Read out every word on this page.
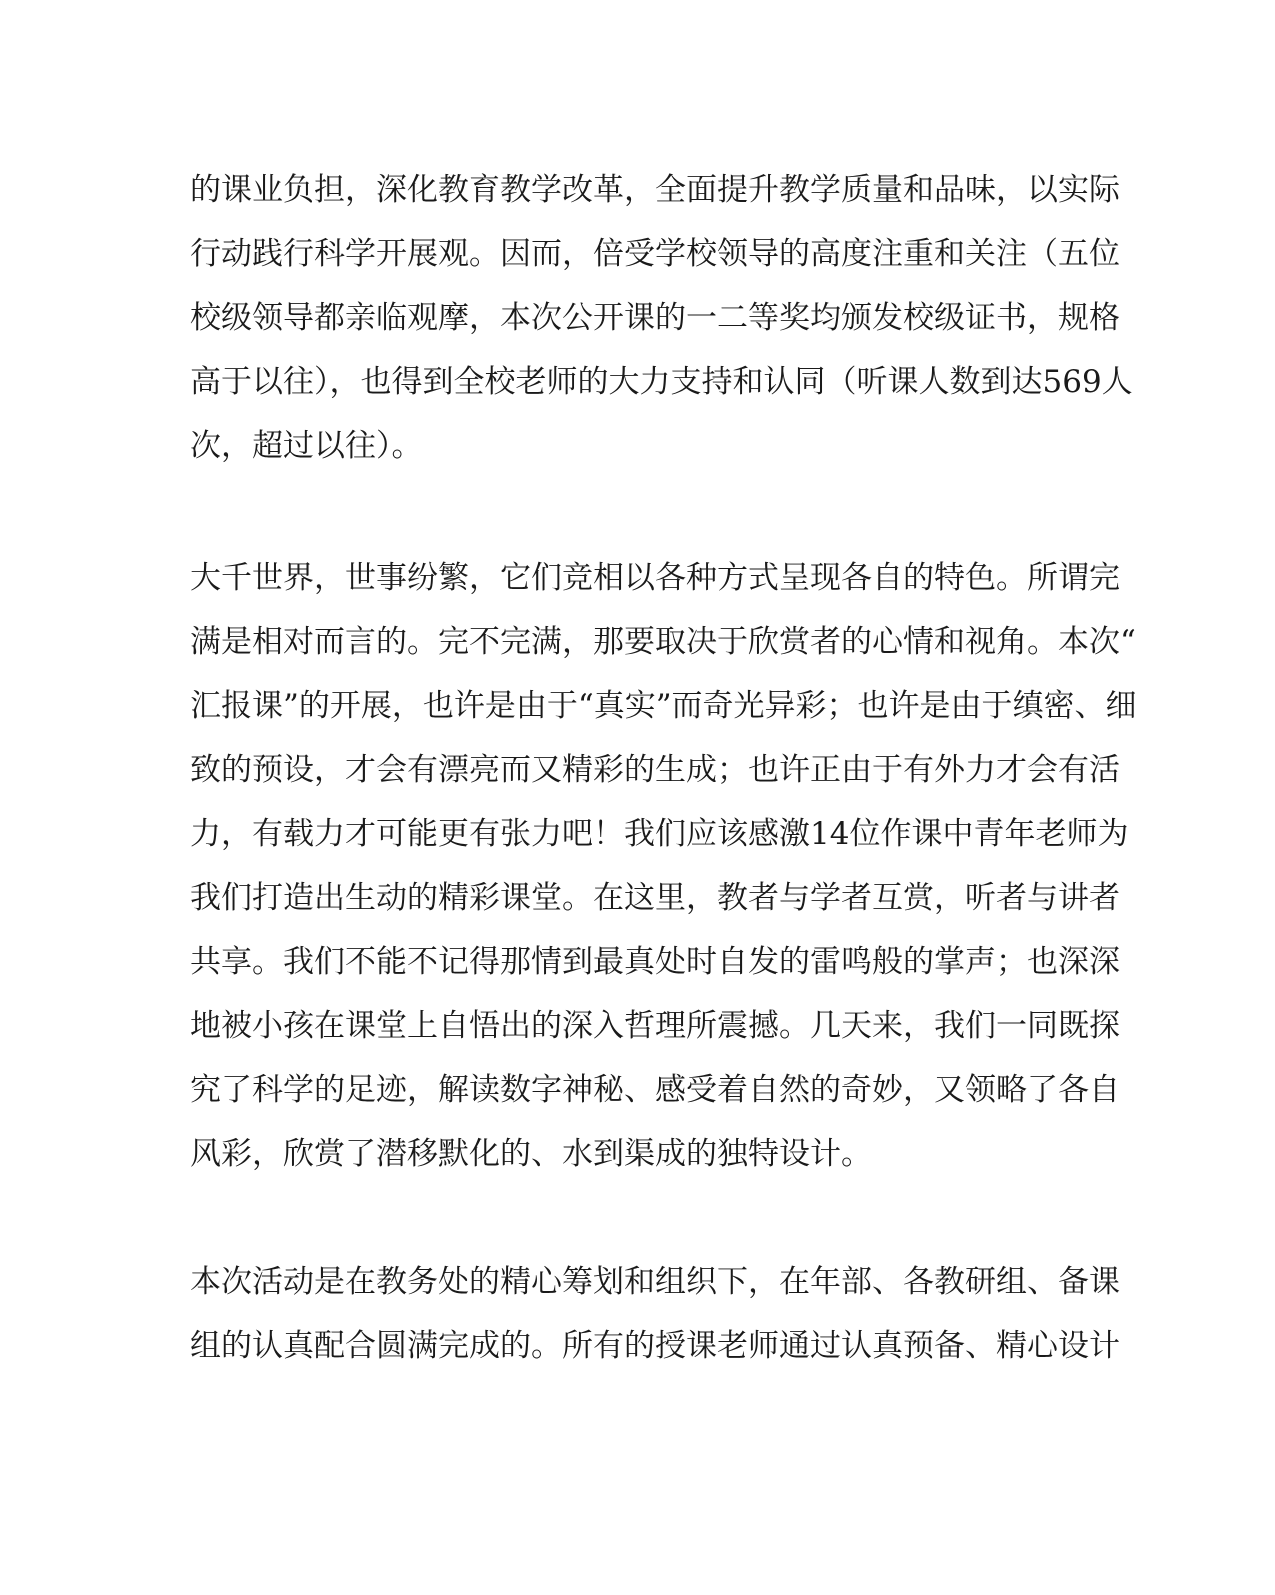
的课业负担，深化教育教学改革，全面提升教学质量和品味，以实际
行动践行科学开展观。因而，倍受学校领导的高度注重和关注（五位
校级领导都亲临观摩，本次公开课的一二等奖均颁发校级证书，规格
高于以往），也得到全校老师的大力支持和认同（听课人数到达569人
次，超过以往）。
大千世界，世事纷繁，它们竞相以各种方式呈现各自的特色。所谓完
满是相对而言的。完不完满，那要取决于欣赏者的心情和视角。本次“
汇报课”的开展，也许是由于“真实”而奇光异彩；也许是由于缜密、细
致的预设，才会有漂亮而又精彩的生成；也许正由于有外力才会有活
力，有载力才可能更有张力吧！我们应该感激14位作课中青年老师为
我们打造出生动的精彩课堂。在这里，教者与学者互赏，听者与讲者
共享。我们不能不记得那情到最真处时自发的雷鸣般的掌声；也深深
地被小孩在课堂上自悟出的深入哲理所震撼。几天来，我们一同既探
究了科学的足迹，解读数字神秘、感受着自然的奇妙，又领略了各自
风彩，欣赏了潜移默化的、水到渠成的独特设计。
本次活动是在教务处的精心筹划和组织下，在年部、各教研组、备课
组的认真配合圆满完成的。所有的授课老师通过认真预备、精心设计
